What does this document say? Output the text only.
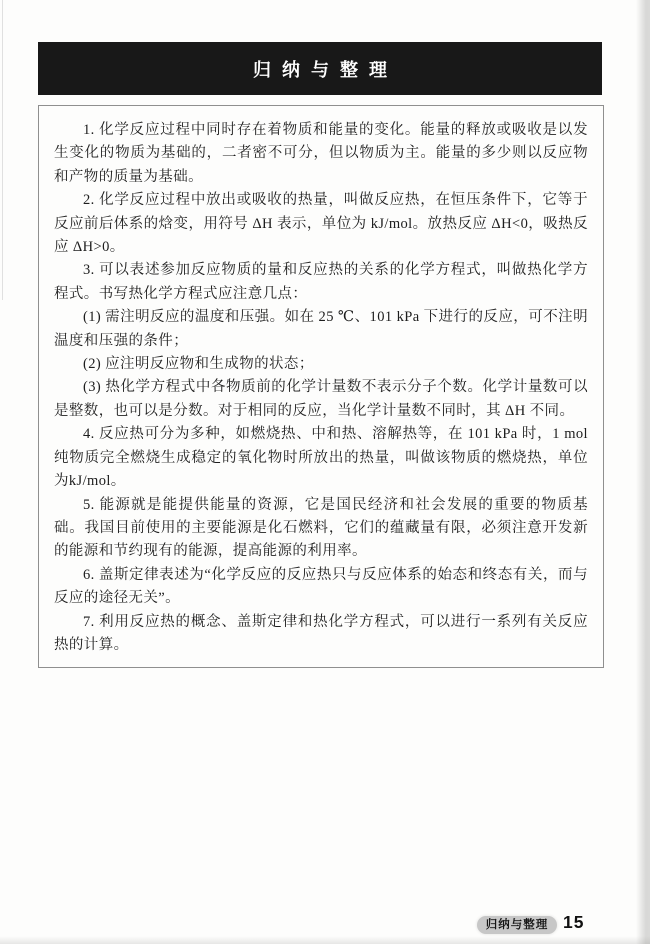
归纳与整理

1. 化学反应过程中同时存在着物质和能量的变化。能量的释放或吸收是以发生变化的物质为基础的，二者密不可分，但以物质为主。能量的多少则以反应物和产物的质量为基础。

2. 化学反应过程中放出或吸收的热量，叫做反应热，在恒压条件下，它等于反应前后体系的焓变，用符号 ΔH 表示，单位为 kJ/mol。放热反应 ΔH<0，吸热反应 ΔH>0。

3. 可以表述参加反应物质的量和反应热的关系的化学方程式，叫做热化学方程式。书写热化学方程式应注意几点：

(1) 需注明反应的温度和压强。如在 25 ℃、101 kPa 下进行的反应，可不注明温度和压强的条件；

(2) 应注明反应物和生成物的状态；

(3) 热化学方程式中各物质前的化学计量数不表示分子个数。化学计量数可以是整数，也可以是分数。对于相同的反应，当化学计量数不同时，其 ΔH 不同。

4. 反应热可分为多种，如燃烧热、中和热、溶解热等，在 101 kPa 时，1 mol纯物质完全燃烧生成稳定的氧化物时所放出的热量，叫做该物质的燃烧热，单位为kJ/mol。

5. 能源就是能提供能量的资源，它是国民经济和社会发展的重要的物质基础。我国目前使用的主要能源是化石燃料，它们的蕴藏量有限，必须注意开发新的能源和节约现有的能源，提高能源的利用率。

6. 盖斯定律表述为“化学反应的反应热只与反应体系的始态和终态有关，而与反应的途径无关”。

7. 利用反应热的概念、盖斯定律和热化学方程式，可以进行一系列有关反应热的计算。

归纳与整理 15
